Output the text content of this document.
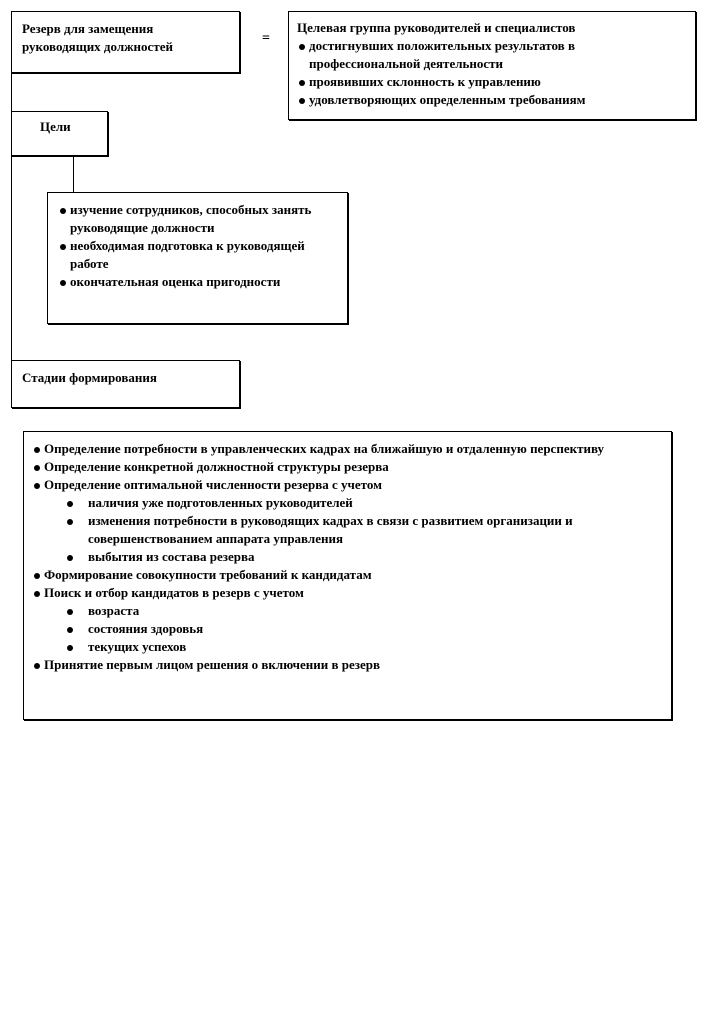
Резерв для замещения руководящих должностей
=
Целевая группа руководителей и специалистов
достигнувших положительных результатов в профессиональной деятельности
проявивших склонность к управлению
удовлетворяющих определенным требованиям
Цели
изучение сотрудников, способных занять руководящие должности
необходимая подготовка к руководящей работе
окончательная оценка пригодности
Стадии формирования
Определение потребности в управленческих кадрах на ближайшую и отдаленную перспективу
Определение конкретной должностной структуры резерва
Определение оптимальной численности резерва с учетом
наличия уже подготовленных руководителей
изменения потребности в руководящих кадрах в связи с развитием организации и совершенствованием аппарата управления
выбытия из состава резерва
Формирование совокупности требований к кандидатам
Поиск и отбор кандидатов в резерв с учетом
возраста
состояния здоровья
текущих успехов
Принятие первым лицом решения о включении в резерв
